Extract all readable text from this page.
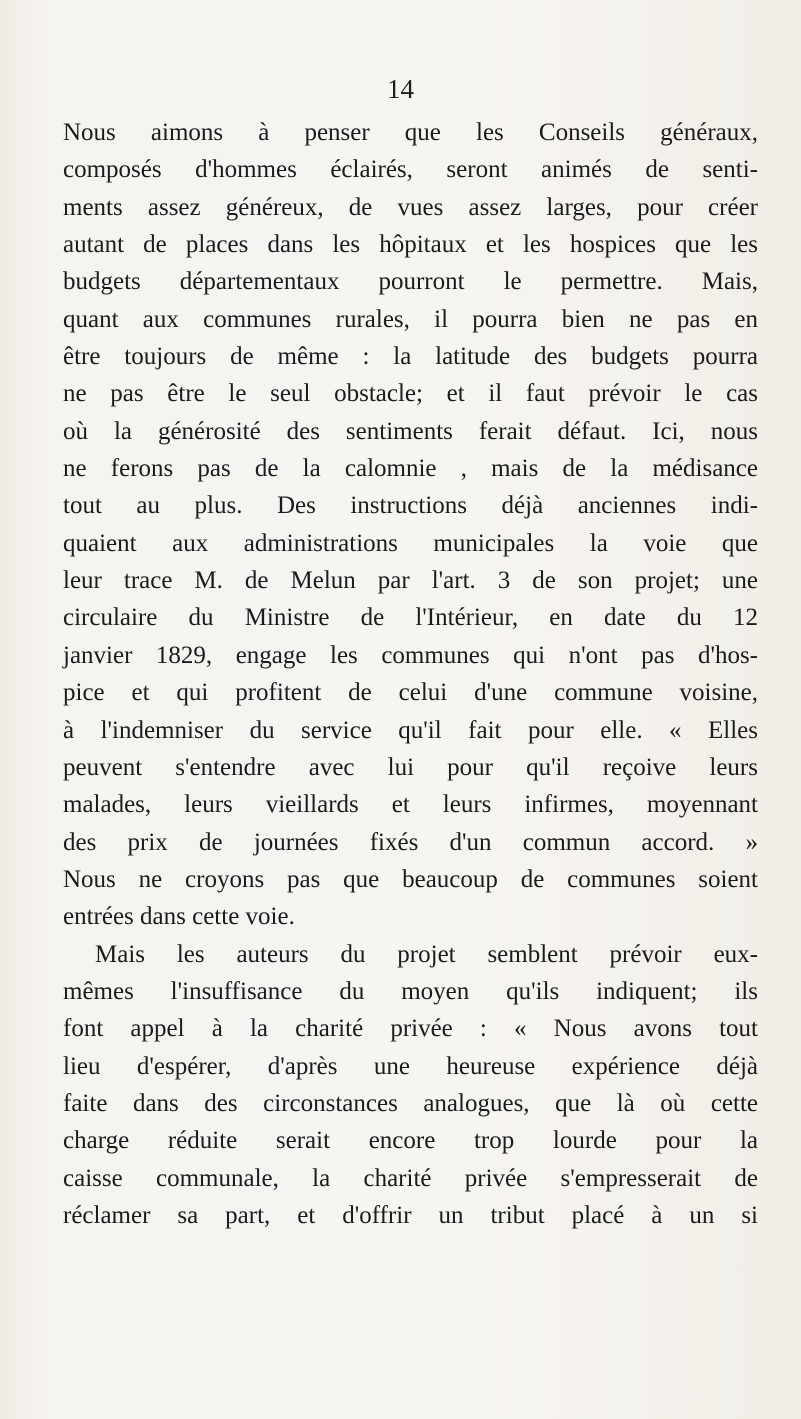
14
Nous aimons à penser que les Conseils généraux,
composés d'hommes éclairés, seront animés de senti-
ments assez généreux, de vues assez larges, pour créer
autant de places dans les hôpitaux et les hospices que les
budgets départementaux pourront le permettre. Mais,
quant aux communes rurales, il pourra bien ne pas en
être toujours de même : la latitude des budgets pourra
ne pas être le seul obstacle; et il faut prévoir le cas
où la générosité des sentiments ferait défaut. Ici, nous
ne ferons pas de la calomnie , mais de la médisance
tout au plus. Des instructions déjà anciennes indi-
quaient aux administrations municipales la voie que
leur trace M. de Melun par l'art. 3 de son projet; une
circulaire du Ministre de l'Intérieur, en date du 12
janvier 1829, engage les communes qui n'ont pas d'hos-
pice et qui profitent de celui d'une commune voisine,
à l'indemniser du service qu'il fait pour elle. « Elles
peuvent s'entendre avec lui pour qu'il reçoive leurs
malades, leurs vieillards et leurs infirmes, moyennant
des prix de journées fixés d'un commun accord. »
Nous ne croyons pas que beaucoup de communes soient
entrées dans cette voie.
Mais les auteurs du projet semblent prévoir eux-
mêmes l'insuffisance du moyen qu'ils indiquent; ils
font appel à la charité privée : « Nous avons tout
lieu d'espérer, d'après une heureuse expérience déjà
faite dans des circonstances analogues, que là où cette
charge réduite serait encore trop lourde pour la
caisse communale, la charité privée s'empresserait de
réclamer sa part, et d'offrir un tribut placé à un si
